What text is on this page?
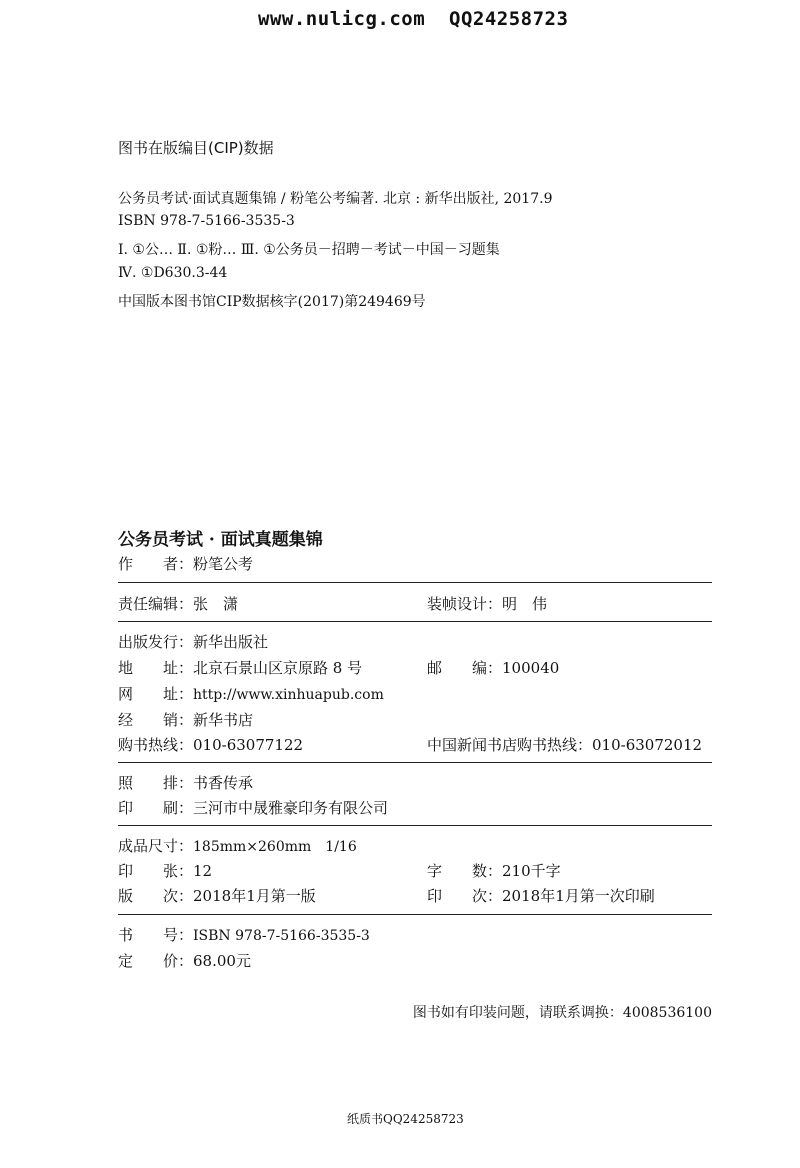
www.nulicg.com QQ24258723
图书在版编目(CIP)数据
公务员考试·面试真题集锦 / 粉笔公考编著. 北京 : 新华出版社, 2017.9
ISBN 978-7-5166-3535-3
Ⅰ. ①公… Ⅱ. ①粉… Ⅲ. ①公务员－招聘－考试－中国－习题集
Ⅳ. ①D630.3-44
中国版本图书馆CIP数据核字(2017)第249469号
公务员考试 · 面试真题集锦
作　　者：粉笔公考
责任编辑：张　潇	装帧设计：明　伟
出版发行：新华出版社
地　　址：北京石景山区京原路 8 号	邮　　编：100040
网　　址：http://www.xinhuapub.com
经　　销：新华书店
购书热线：010-63077122	中国新闻书店购书热线：010-63072012
照　　排：书香传承
印　　刷：三河市中晟雅豪印务有限公司
成品尺寸：185mm×260mm　1/16
印　　张：12	字　　数：210千字
版　　次：2018年1月第一版	印　　次：2018年1月第一次印刷
书　　号：ISBN 978-7-5166-3535-3
定　　价：68.00元
图书如有印装问题，请联系调换：4008536100
纸质书QQ24258723
